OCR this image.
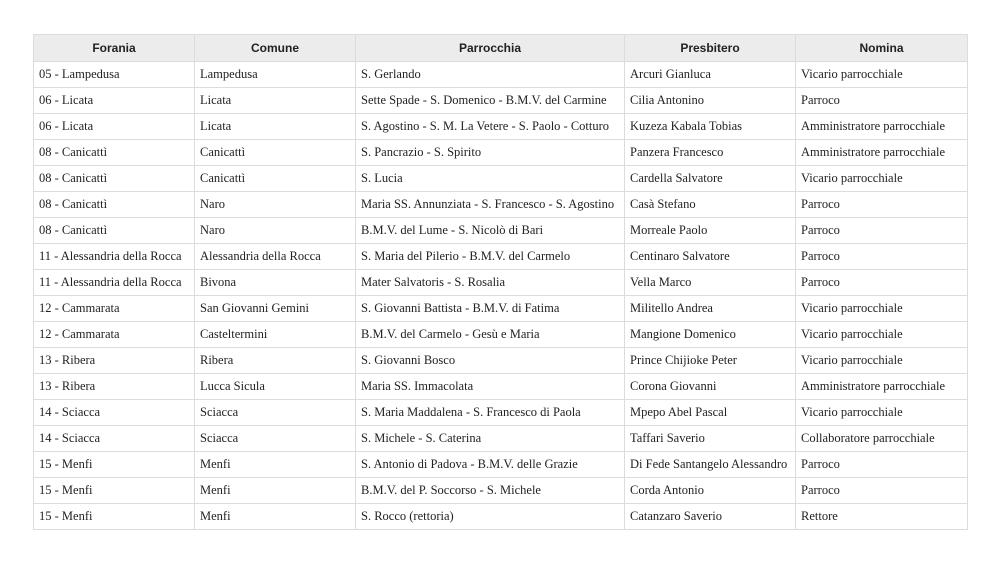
Forania	Comune	Parrocchia	Presbitero	Nomina
05 - Lampedusa	Lampedusa	S. Gerlando	Arcuri Gianluca	Vicario parrocchiale
06 - Licata	Licata	Sette Spade - S. Domenico - B.M.V. del Carmine	Cilia Antonino	Parroco
06 - Licata	Licata	S. Agostino - S. M. La Vetere - S. Paolo - Cotturo	Kuzeza Kabala Tobias	Amministratore parrocchiale
08 - Canicattì	Canicattì	S. Pancrazio - S. Spirito	Panzera Francesco	Amministratore parrocchiale
08 - Canicattì	Canicattì	S. Lucia	Cardella Salvatore	Vicario parrocchiale
08 - Canicattì	Naro	Maria SS. Annunziata - S. Francesco - S. Agostino	Casà Stefano	Parroco
08 - Canicattì	Naro	B.M.V. del Lume - S. Nicolò di Bari	Morreale Paolo	Parroco
11 - Alessandria della Rocca	Alessandria della Rocca	S. Maria del Pilerio - B.M.V. del Carmelo	Centinaro Salvatore	Parroco
11 - Alessandria della Rocca	Bivona	Mater Salvatoris - S. Rosalia	Vella Marco	Parroco
12 - Cammarata	San Giovanni Gemini	S. Giovanni Battista - B.M.V. di Fatima	Militello Andrea	Vicario parrocchiale
12 - Cammarata	Casteltermini	B.M.V. del Carmelo - Gesù e Maria	Mangione Domenico	Vicario parrocchiale
13 - Ribera	Ribera	S. Giovanni Bosco	Prince Chijioke Peter	Vicario parrocchiale
13 - Ribera	Lucca Sicula	Maria SS. Immacolata	Corona Giovanni	Amministratore parrocchiale
14 - Sciacca	Sciacca	S. Maria Maddalena - S. Francesco di Paola	Mpepo Abel Pascal	Vicario parrocchiale
14 - Sciacca	Sciacca	S. Michele - S. Caterina	Taffari Saverio	Collaboratore parrocchiale
15 - Menfi	Menfi	S. Antonio di Padova - B.M.V. delle Grazie	Di Fede Santangelo Alessandro	Parroco
15 - Menfi	Menfi	B.M.V. del P. Soccorso - S. Michele	Corda Antonio	Parroco
15 - Menfi	Menfi	S. Rocco (rettoria)	Catanzaro Saverio	Rettore
